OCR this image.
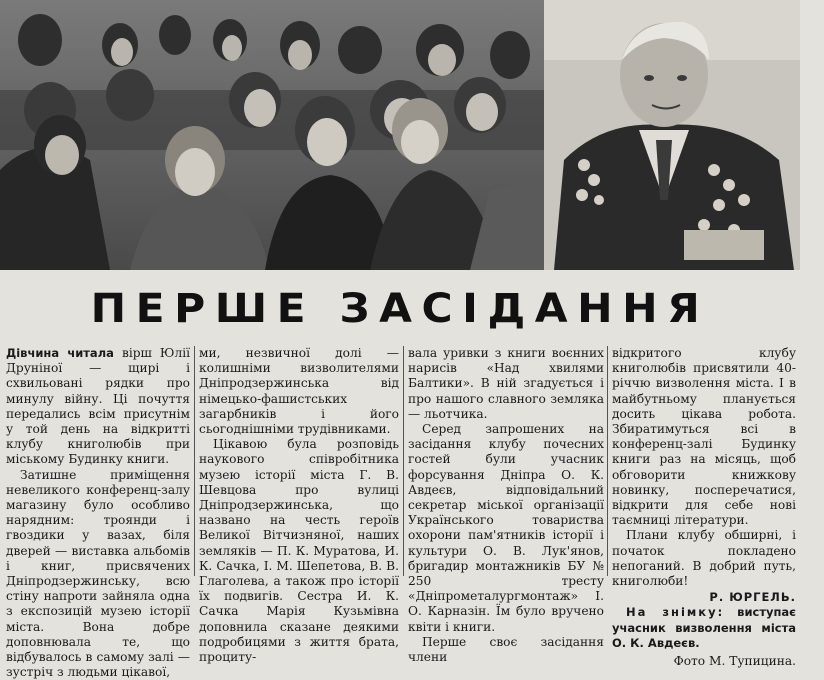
ПЕРШЕ ЗАСІДАННЯ

Дівчина читала вірш Юлії Друніної — щирі і схвильовані рядки про минулу війну. Ці почуття передались всім присутнім у той день на відкритті клубу книголюбів при міському Будинку книги.

Затишне приміщення невеликого конференц-залу магазину було особливо нарядним: троянди і гвоздики у вазах, біля дверей — виставка альбомів і книг, присвячених Дніпродзержинську, всю стіну напроти зайняла одна з експозицій музею історії міста. Вона добре доповнювала те, що відбувалось в самому залі — зустріч з людьми цікавої,

ми, незвичної долі — колишніми визволителями Дніпродзержинська від німецько-фашистських загарбників і його сьогоднішніми трудівниками.

Цікавою була розповідь наукового співробітника музею історії міста Г. В. Шевцова про вулиці Дніпродзержинська, що названо на честь героїв Великої Вітчизняної, наших земляків — П. К. Муратова, И. К. Сачка, І. М. Шепетова, В. В. Глаголева, а також про історії їх подвигів. Сестра И. К. Сачка Марія Кузьмівна доповнила сказане деякими подробицями з життя брата, проциту-

вала уривки з книги воєнних нарисів «Над хвилями Балтики». В ній згадується і про нашого славного земляка — льотчика.

Серед запрошених на засідання клубу почесних гостей були учасник форсування Дніпра О. К. Авдеєв, відповідальний секретар міської організації Українського товариства охорони пам'ятників історії і культури О. В. Лук'янов, бригадир монтажників БУ № 250 тресту «Дніпрометалургмонтаж» І. О. Карназін. Їм було вручено квіти і книги.

Перше своє засідання члени

відкритого клубу книголюбів присвятили 40-річчю визволення міста. І в майбутньому планується досить цікава робота. Збиратимуться всі в конференц-залі Будинку книги раз на місяць, щоб обговорити книжкову новинку, посперечатися, відкрити для себе нові таємниці літератури.

Плани клубу обширні, і початок покладено непоганий. В добрий путь, книголюби!

Р. ЮРГЕЛЬ.

На знімку: виступає учасник визволення міста О. К. Авдеєв.

Фото М. Тупицина.
